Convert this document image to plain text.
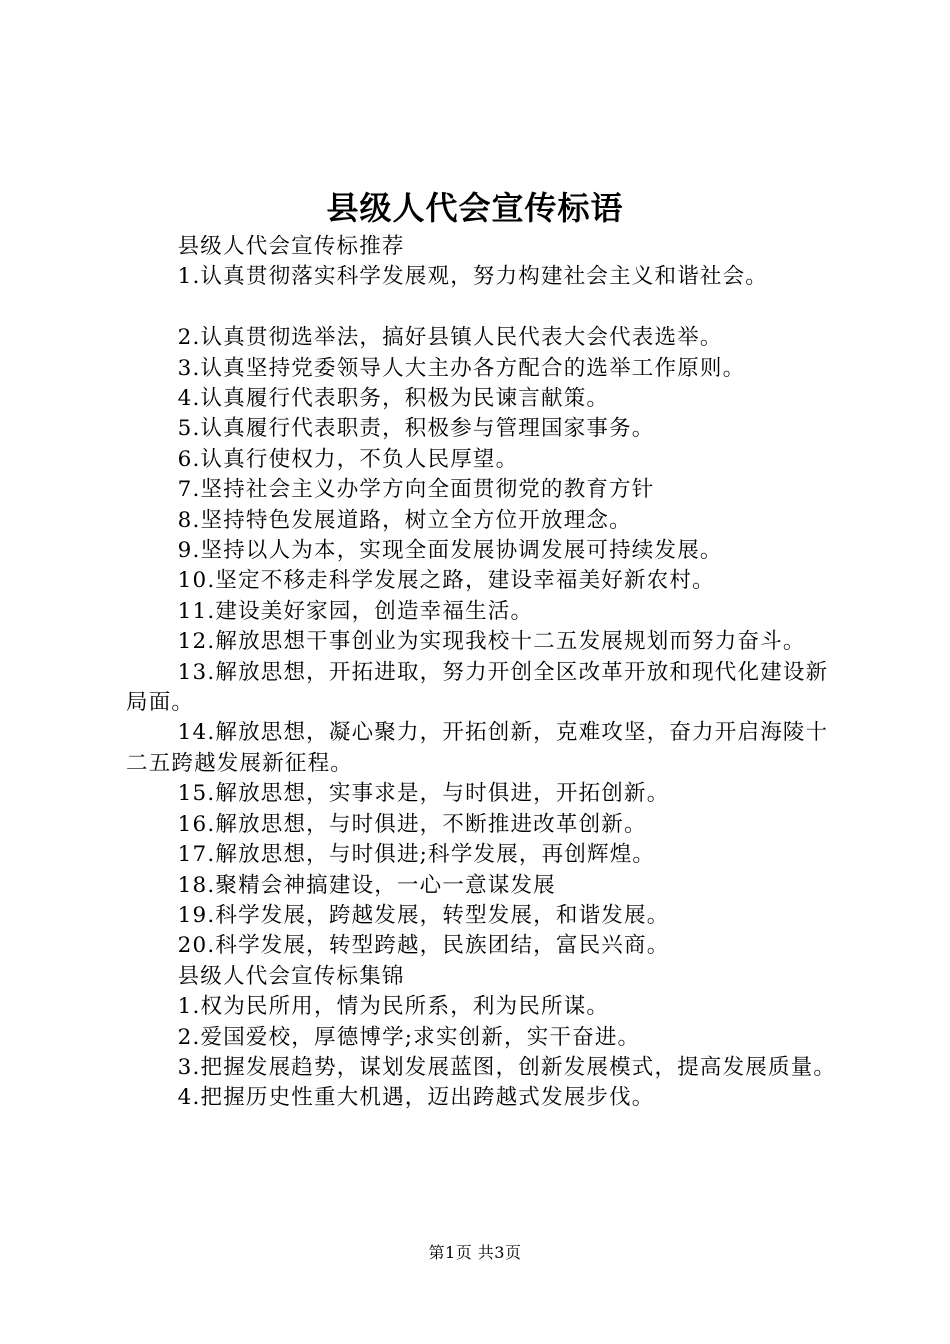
县级人代会宣传标语

县级人代会宣传标推荐

1.认真贯彻落实科学发展观，努力构建社会主义和谐社会。

2.认真贯彻选举法，搞好县镇人民代表大会代表选举。

3.认真坚持党委领导人大主办各方配合的选举工作原则。

4.认真履行代表职务，积极为民谏言献策。

5.认真履行代表职责，积极参与管理国家事务。

6.认真行使权力，不负人民厚望。

7.坚持社会主义办学方向全面贯彻党的教育方针

8.坚持特色发展道路，树立全方位开放理念。

9.坚持以人为本，实现全面发展协调发展可持续发展。

10.坚定不移走科学发展之路，建设幸福美好新农村。

11.建设美好家园，创造幸福生活。

12.解放思想干事创业为实现我校十二五发展规划而努力奋斗。

13.解放思想，开拓进取，努力开创全区改革开放和现代化建设新局面。

14.解放思想，凝心聚力，开拓创新，克难攻坚，奋力开启海陵十二五跨越发展新征程。

15.解放思想，实事求是，与时俱进，开拓创新。

16.解放思想，与时俱进，不断推进改革创新。

17.解放思想，与时俱进;科学发展，再创辉煌。

18.聚精会神搞建设，一心一意谋发展

19.科学发展，跨越发展，转型发展，和谐发展。

20.科学发展，转型跨越，民族团结，富民兴商。

县级人代会宣传标集锦

1.权为民所用，情为民所系，利为民所谋。

2.爱国爱校，厚德博学;求实创新，实干奋进。

3.把握发展趋势，谋划发展蓝图，创新发展模式，提高发展质量。

4.把握历史性重大机遇，迈出跨越式发展步伐。

第1页 共3页
